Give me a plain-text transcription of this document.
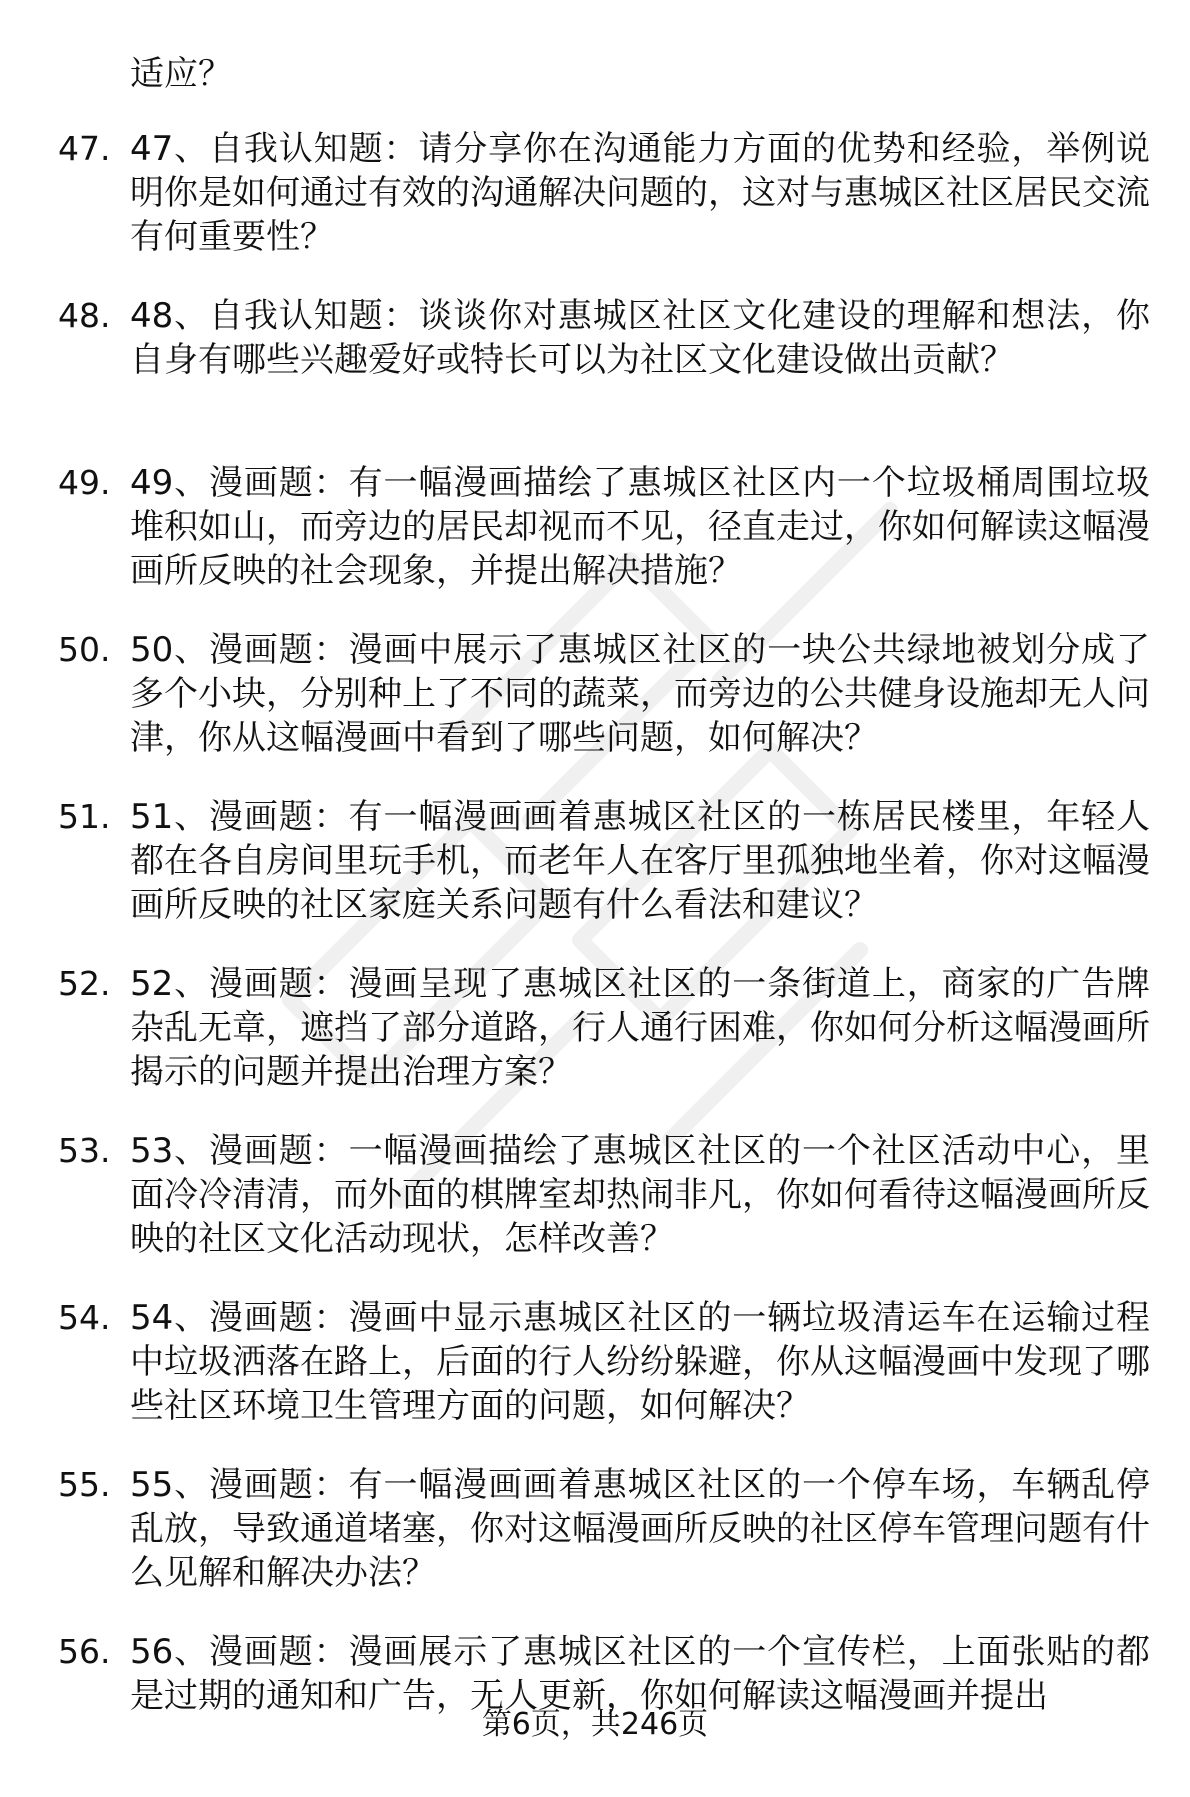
适应？

47. 47、自我认知题：请分享你在沟通能力方面的优势和经验，举例说明你是如何通过有效的沟通解决问题的，这对与惠城区社区居民交流有何重要性？

48. 48、自我认知题：谈谈你对惠城区社区文化建设的理解和想法，你自身有哪些兴趣爱好或特长可以为社区文化建设做出贡献？

49. 49、漫画题：有一幅漫画描绘了惠城区社区内一个垃圾桶周围垃圾堆积如山，而旁边的居民却视而不见，径直走过，你如何解读这幅漫画所反映的社会现象，并提出解决措施？

50. 50、漫画题：漫画中展示了惠城区社区的一块公共绿地被划分成了多个小块，分别种上了不同的蔬菜，而旁边的公共健身设施却无人问津，你从这幅漫画中看到了哪些问题，如何解决？

51. 51、漫画题：有一幅漫画画着惠城区社区的一栋居民楼里，年轻人都在各自房间里玩手机，而老年人在客厅里孤独地坐着，你对这幅漫画所反映的社区家庭关系问题有什么看法和建议？

52. 52、漫画题：漫画呈现了惠城区社区的一条街道上，商家的广告牌杂乱无章，遮挡了部分道路，行人通行困难，你如何分析这幅漫画所揭示的问题并提出治理方案？

53. 53、漫画题：一幅漫画描绘了惠城区社区的一个社区活动中心，里面冷冷清清，而外面的棋牌室却热闹非凡，你如何看待这幅漫画所反映的社区文化活动现状，怎样改善？

54. 54、漫画题：漫画中显示惠城区社区的一辆垃圾清运车在运输过程中垃圾洒落在路上，后面的行人纷纷躲避，你从这幅漫画中发现了哪些社区环境卫生管理方面的问题，如何解决？

55. 55、漫画题：有一幅漫画画着惠城区社区的一个停车场，车辆乱停乱放，导致通道堵塞，你对这幅漫画所反映的社区停车管理问题有什么见解和解决办法？

56. 56、漫画题：漫画展示了惠城区社区的一个宣传栏，上面张贴的都是过期的通知和广告，无人更新，你如何解读这幅漫画并提出

第6页，共246页
